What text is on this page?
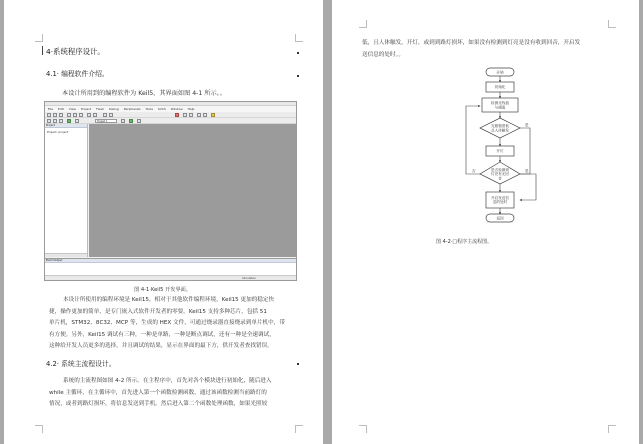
| 4·系统程序设计。
4.1· 编程软件介绍。
本设计所用到的编程软件为 Keil5，其界面如图 4-1 所示。。
File Edit View Project Flash Debug Peripherals Tools SVCS Window Help
Target 1
Project
Project: project
Build Output
Simulation
图 4-1·Keil5 开发界面。
本设计所使用的编程环境是 Keil15，相对于其他软件编程环境，Keil15 更加的稳定快
捷，操作更加的简单，是专门嵌入式软件开发者的零要。Keil15 支持多种芯片，包括 51
单片机，STM32、8C32、MCP 等，生成的 HEX 文件，可通过烧录器直接烧录到单片机中，带
有方便。另外，Keil15 调试有三种，一种是单路，一种是断点调试，还有一种是全速调试，
这种给开发人员更多的选择，并且调试的结果，显示在界面的最下方，供开发者查找错误。
4.2· 系统主流程设计。
系统的主流程图如图 4-2 所示。在主程序中，首先对各个模块进行初始化，随后进入
while 主循环，在主循环中，首先进入第一个函数检测函数，通过该函数检测当前路灯的
情况，或者到路灯损坏，将信息发送到手机。然后进入第二个函数处理函数，如果光照较
低，且人体触发，开灯，或到到路灯损坏，如果没有检测到灯亮是没有收到回音，开启发
送信息的处时。。
开始
初始化
检测光线值与阈值
光照强度低且人体触发
开灯
是否检测到灯亮有无回音
开启发送信息的处时
返回
是
是
否
图 4-2·□程序主流程图。
